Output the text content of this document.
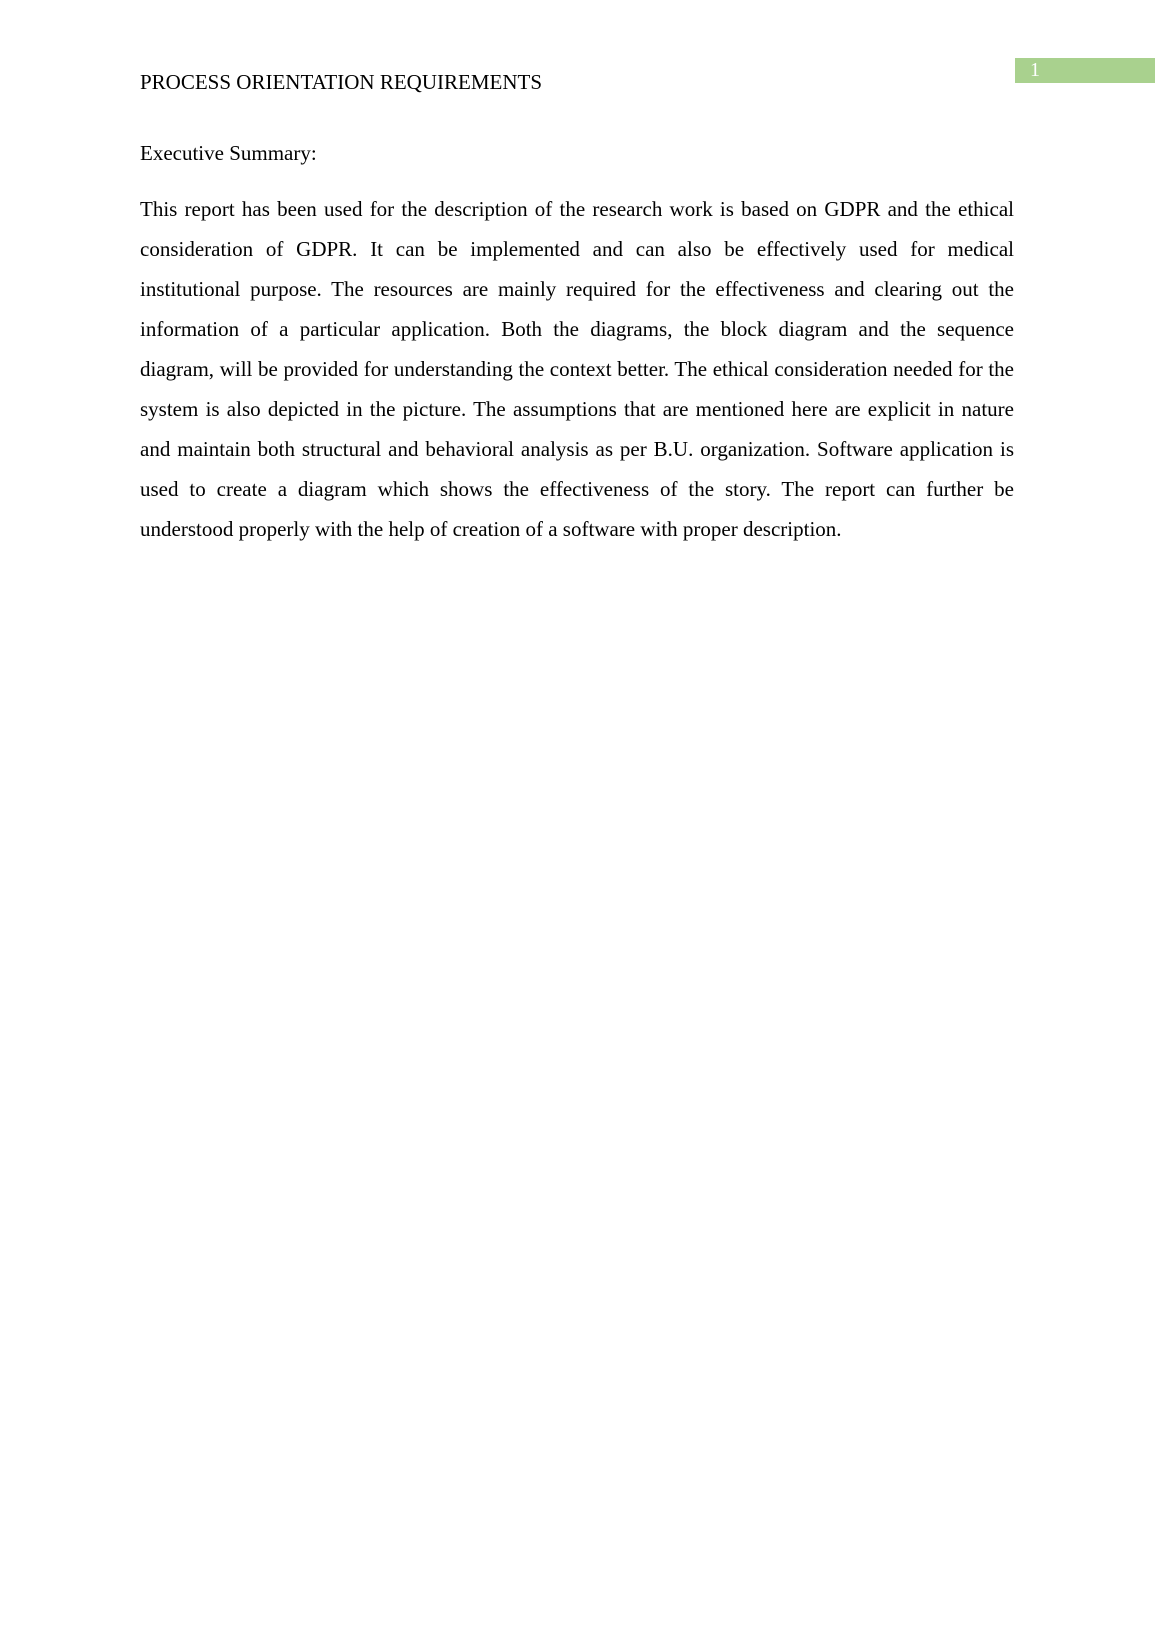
1
PROCESS ORIENTATION REQUIREMENTS
Executive Summary:

This report has been used for the description of the research work is based on GDPR and the ethical consideration of GDPR. It can be implemented and can also be effectively used for medical institutional purpose. The resources are mainly required for the effectiveness and clearing out the information of a particular application. Both the diagrams, the block diagram and the sequence diagram, will be provided for understanding the context better. The ethical consideration needed for the system is also depicted in the picture. The assumptions that are mentioned here are explicit in nature and maintain both structural and behavioral analysis as per B.U. organization. Software application is used to create a diagram which shows the effectiveness of the story. The report can further be understood properly with the help of creation of a software with proper description.
